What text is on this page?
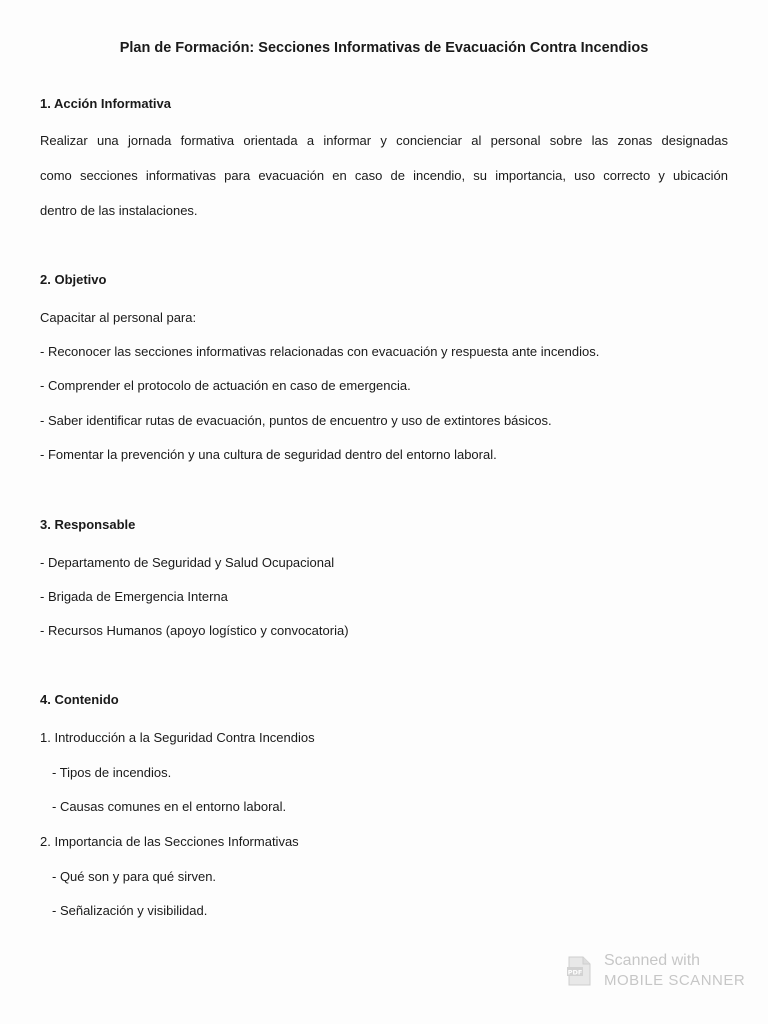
Plan de Formación: Secciones Informativas de Evacuación Contra Incendios
1. Acción Informativa
Realizar una jornada formativa orientada a informar y concienciar al personal sobre las zonas designadas
como secciones informativas para evacuación en caso de incendio, su importancia, uso correcto y ubicación
dentro de las instalaciones.
2. Objetivo
Capacitar al personal para:
- Reconocer las secciones informativas relacionadas con evacuación y respuesta ante incendios.
- Comprender el protocolo de actuación en caso de emergencia.
- Saber identificar rutas de evacuación, puntos de encuentro y uso de extintores básicos.
- Fomentar la prevención y una cultura de seguridad dentro del entorno laboral.
3. Responsable
- Departamento de Seguridad y Salud Ocupacional
- Brigada de Emergencia Interna
- Recursos Humanos (apoyo logístico y convocatoria)
4. Contenido
1. Introducción a la Seguridad Contra Incendios
- Tipos de incendios.
- Causas comunes en el entorno laboral.
2. Importancia de las Secciones Informativas
- Qué son y para qué sirven.
- Señalización y visibilidad.
PDF
Scanned with
MOBILE SCANNER
